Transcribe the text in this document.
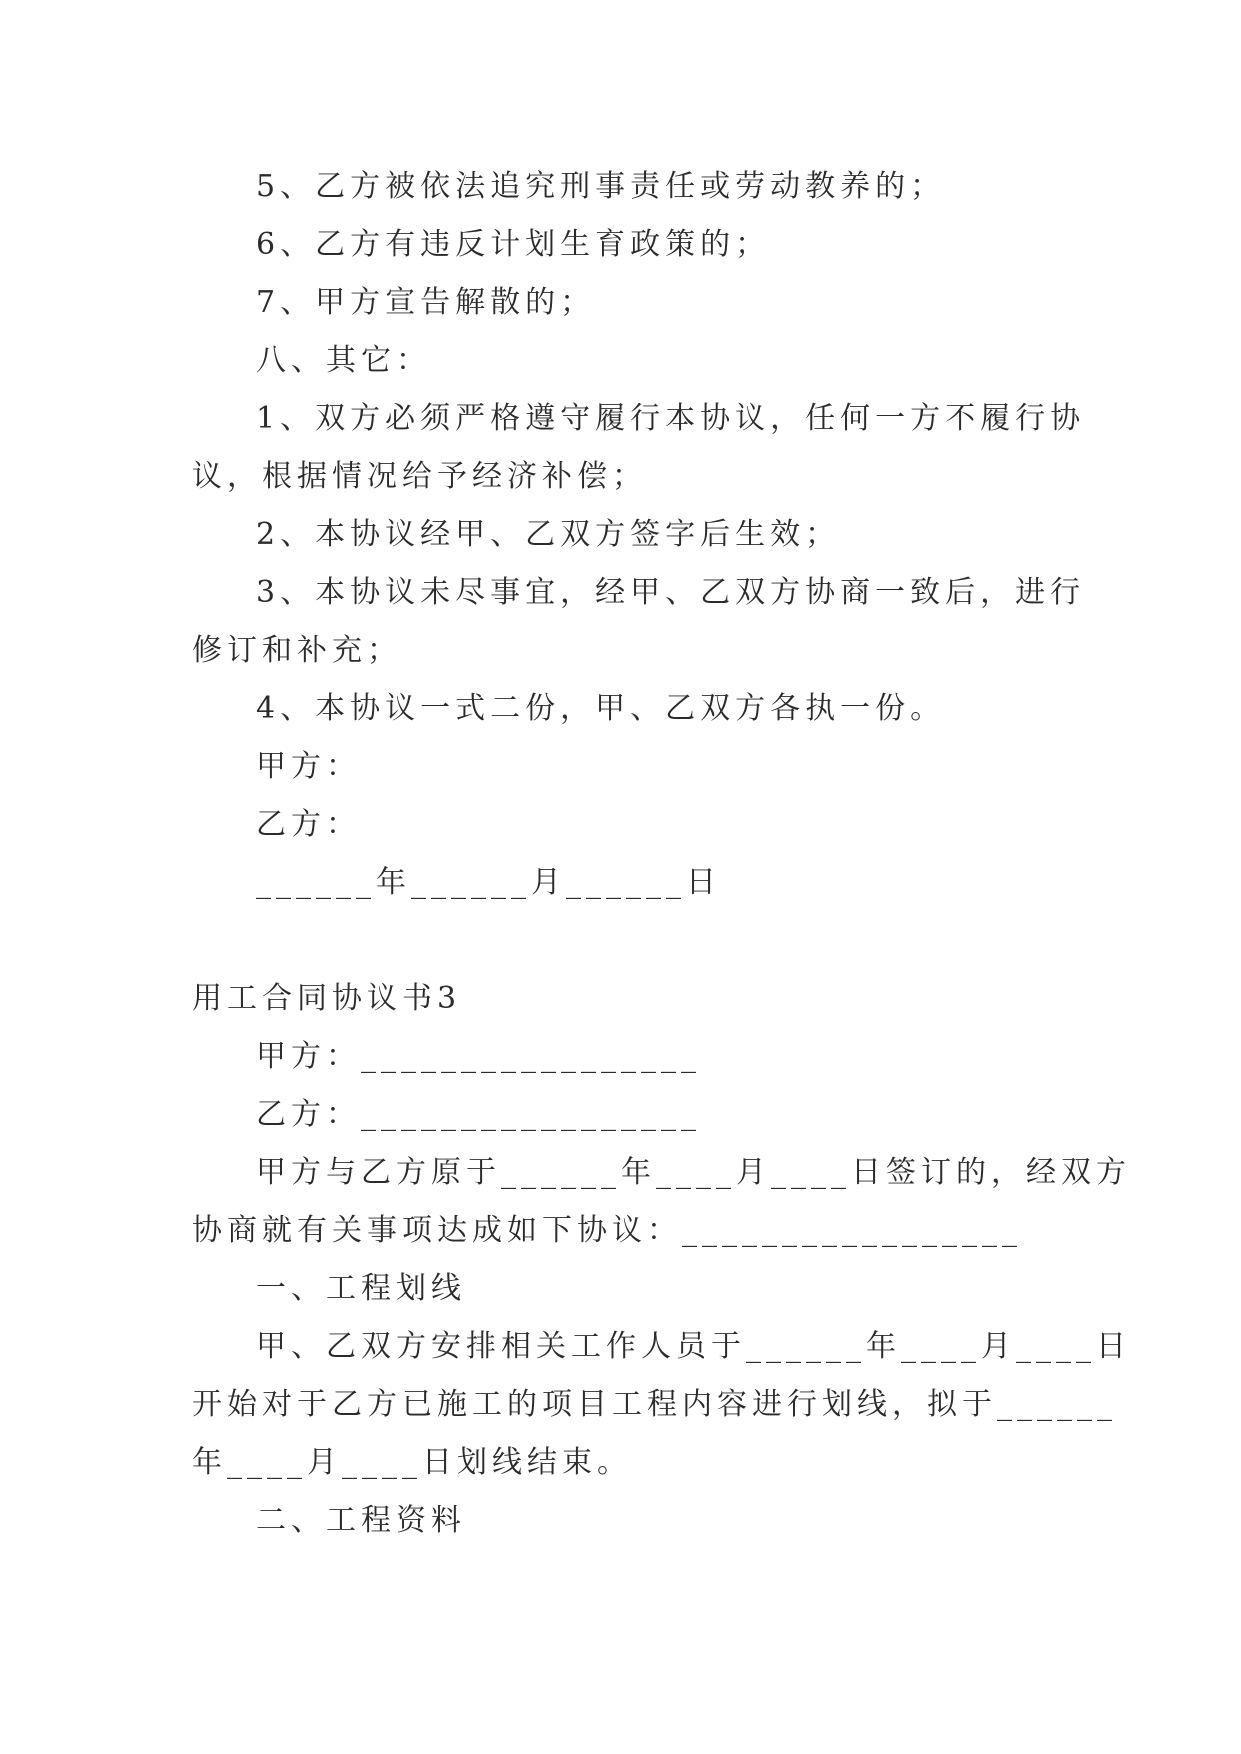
5、乙方被依法追究刑事责任或劳动教养的；
6、乙方有违反计划生育政策的；
7、甲方宣告解散的；
八、其它：
1、双方必须严格遵守履行本协议，任何一方不履行协
议，根据情况给予经济补偿；
2、本协议经甲、乙双方签字后生效；
3、本协议未尽事宜，经甲、乙双方协商一致后，进行
修订和补充；
4、本协议一式二份，甲、乙双方各执一份。
甲方：
乙方：
______年______月______日
用工合同协议书3
甲方：_________________
乙方：_________________
甲方与乙方原于______年____月____日签订的，经双方
协商就有关事项达成如下协议：_________________
一、工程划线
甲、乙双方安排相关工作人员于______年____月____日
开始对于乙方已施工的项目工程内容进行划线，拟于______
年____月____日划线结束。
二、工程资料
